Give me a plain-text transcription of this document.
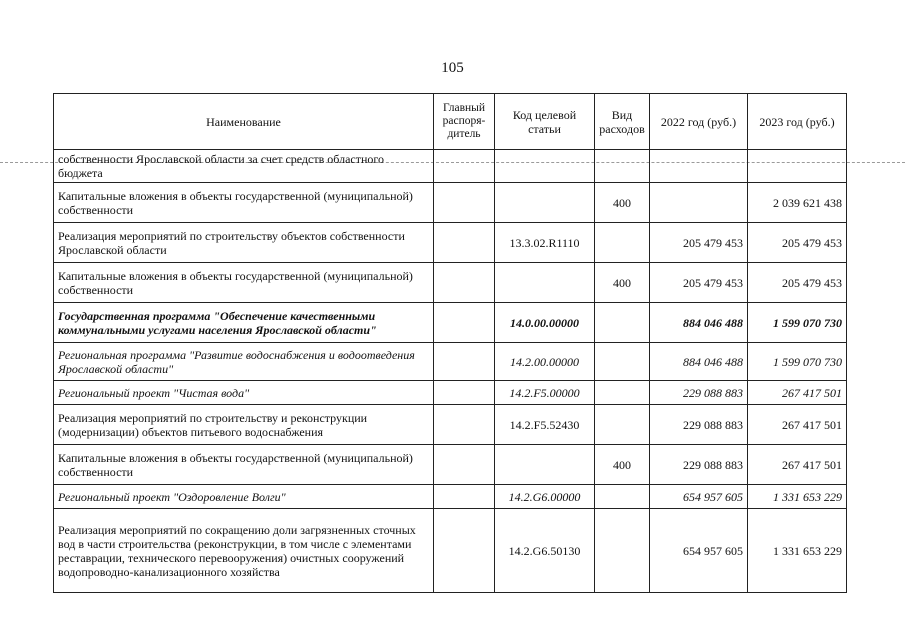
105
Наименование	Главный распоря-дитель	Код целевой статьи	Вид расходов	2022 год (руб.)	2023 год (руб.)
собственности Ярославской области за счет средств областного бюджета					
Капитальные вложения в объекты государственной (муниципальной) собственности			400		2 039 621 438
Реализация мероприятий по строительству объектов собственности Ярославской области		13.3.02.R1110		205 479 453	205 479 453
Капитальные вложения в объекты государственной (муниципальной) собственности			400	205 479 453	205 479 453
Государственная программа "Обеспечение качественными коммунальными услугами населения Ярославской области"		14.0.00.00000		884 046 488	1 599 070 730
Региональная программа "Развитие водоснабжения и водоотведения Ярославской области"		14.2.00.00000		884 046 488	1 599 070 730
Региональный проект "Чистая вода"		14.2.F5.00000		229 088 883	267 417 501
Реализация мероприятий по строительству и реконструкции (модернизации) объектов питьевого водоснабжения		14.2.F5.52430		229 088 883	267 417 501
Капитальные вложения в объекты государственной (муниципальной) собственности			400	229 088 883	267 417 501
Региональный проект "Оздоровление Волги"		14.2.G6.00000		654 957 605	1 331 653 229
Реализация мероприятий по сокращению доли загрязненных сточных вод в части строительства (реконструкции, в том числе с элементами реставрации, технического перевооружения) очистных сооружений водопроводно-канализационного хозяйства		14.2.G6.50130		654 957 605	1 331 653 229
